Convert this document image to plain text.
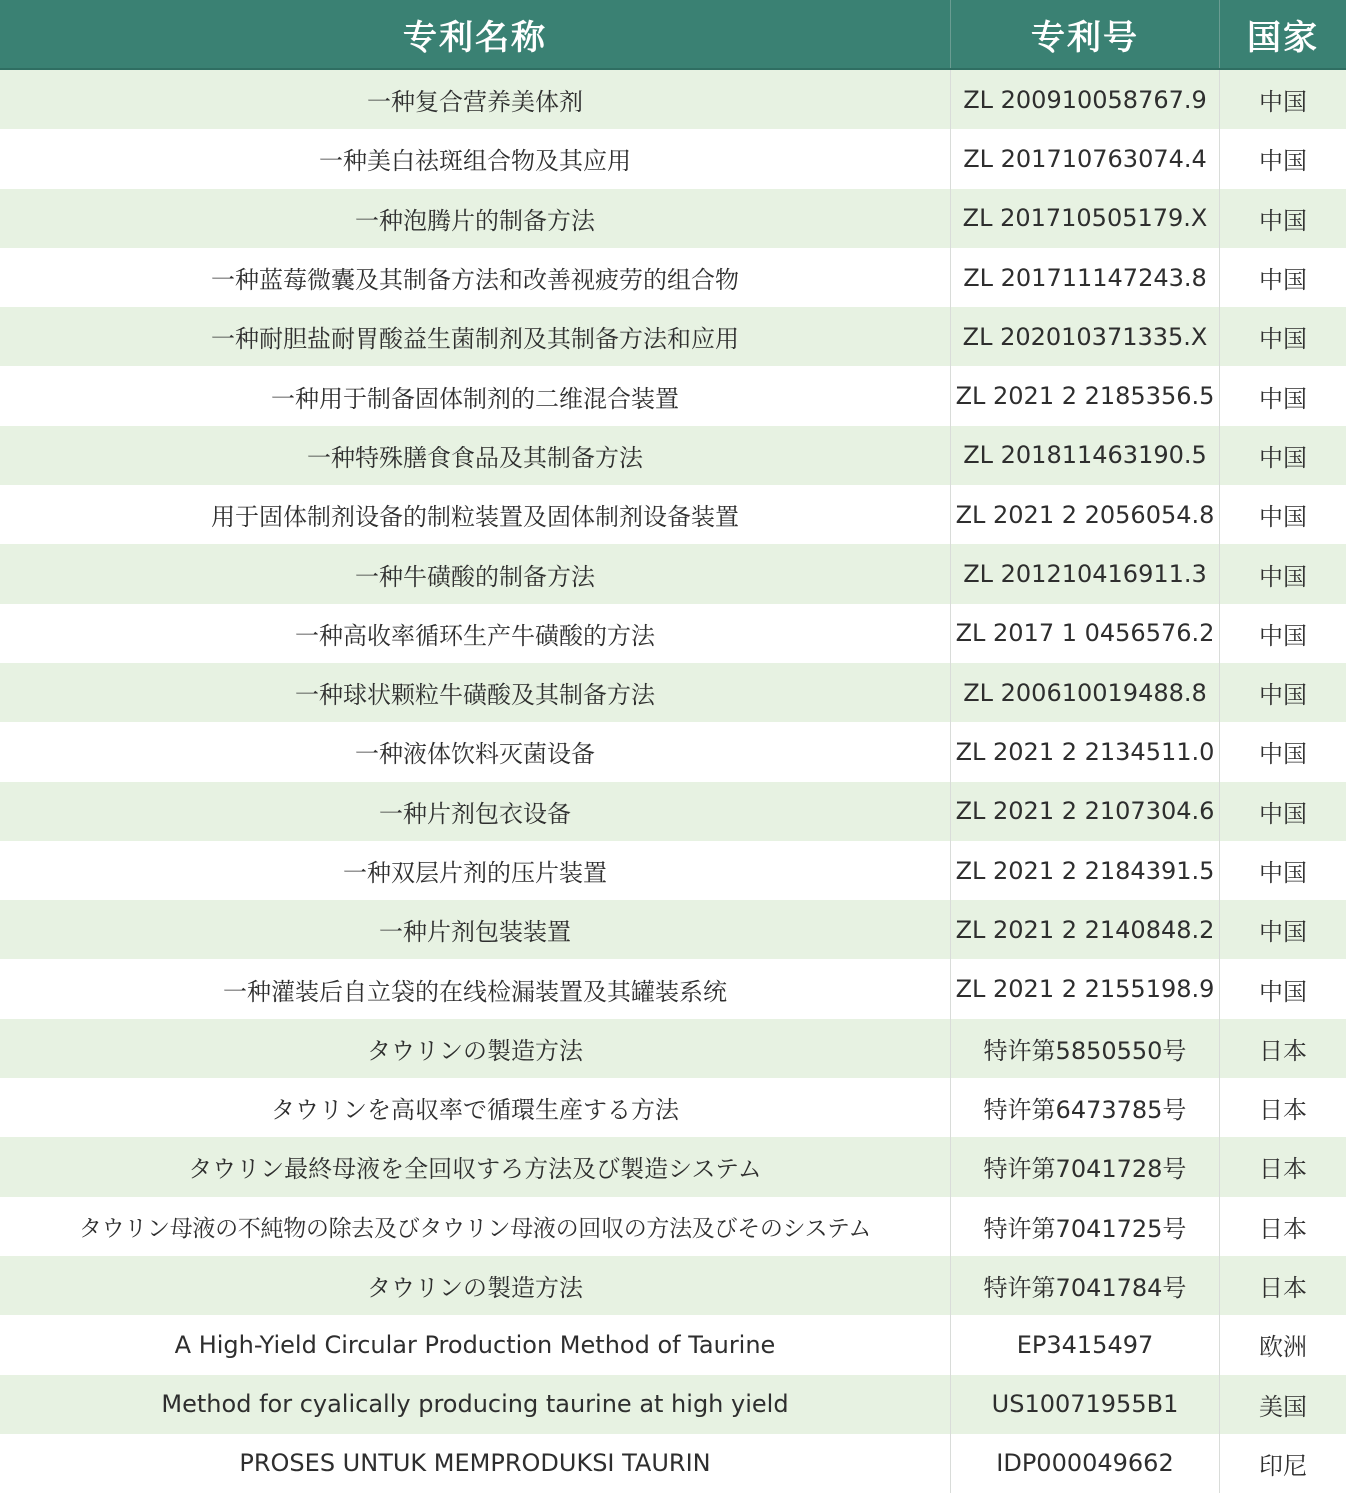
专利名称	专利号	国家
一种复合营养美体剂	ZL 200910058767.9	中国
一种美白祛斑组合物及其应用	ZL 201710763074.4	中国
一种泡腾片的制备方法	ZL 201710505179.X	中国
一种蓝莓微囊及其制备方法和改善视疲劳的组合物	ZL 201711147243.8	中国
一种耐胆盐耐胃酸益生菌制剂及其制备方法和应用	ZL 202010371335.X	中国
一种用于制备固体制剂的二维混合装置	ZL 2021 2 2185356.5	中国
一种特殊膳食食品及其制备方法	ZL 201811463190.5	中国
用于固体制剂设备的制粒装置及固体制剂设备装置	ZL 2021 2 2056054.8	中国
一种牛磺酸的制备方法	ZL 201210416911.3	中国
一种高收率循环生产牛磺酸的方法	ZL 2017 1 0456576.2	中国
一种球状颗粒牛磺酸及其制备方法	ZL 200610019488.8	中国
一种液体饮料灭菌设备	ZL 2021 2 2134511.0	中国
一种片剂包衣设备	ZL 2021 2 2107304.6	中国
一种双层片剂的压片装置	ZL 2021 2 2184391.5	中国
一种片剂包装装置	ZL 2021 2 2140848.2	中国
一种灌装后自立袋的在线检漏装置及其罐装系统	ZL 2021 2 2155198.9	中国
タウリンの製造方法	特许第5850550号	日本
タウリンを高収率で循環生産する方法	特许第6473785号	日本
タウリン最終母液を全回収すろ方法及び製造システム	特许第7041728号	日本
タウリン母液の不純物の除去及びタウリン母液の回収の方法及びそのシステム	特许第7041725号	日本
タウリンの製造方法	特许第7041784号	日本
A High-Yield Circular Production Method of Taurine	EP3415497	欧洲
Method for cyalically producing taurine at high yield	US10071955B1	美国
PROSES UNTUK MEMPRODUKSI TAURIN	IDP000049662	印尼
